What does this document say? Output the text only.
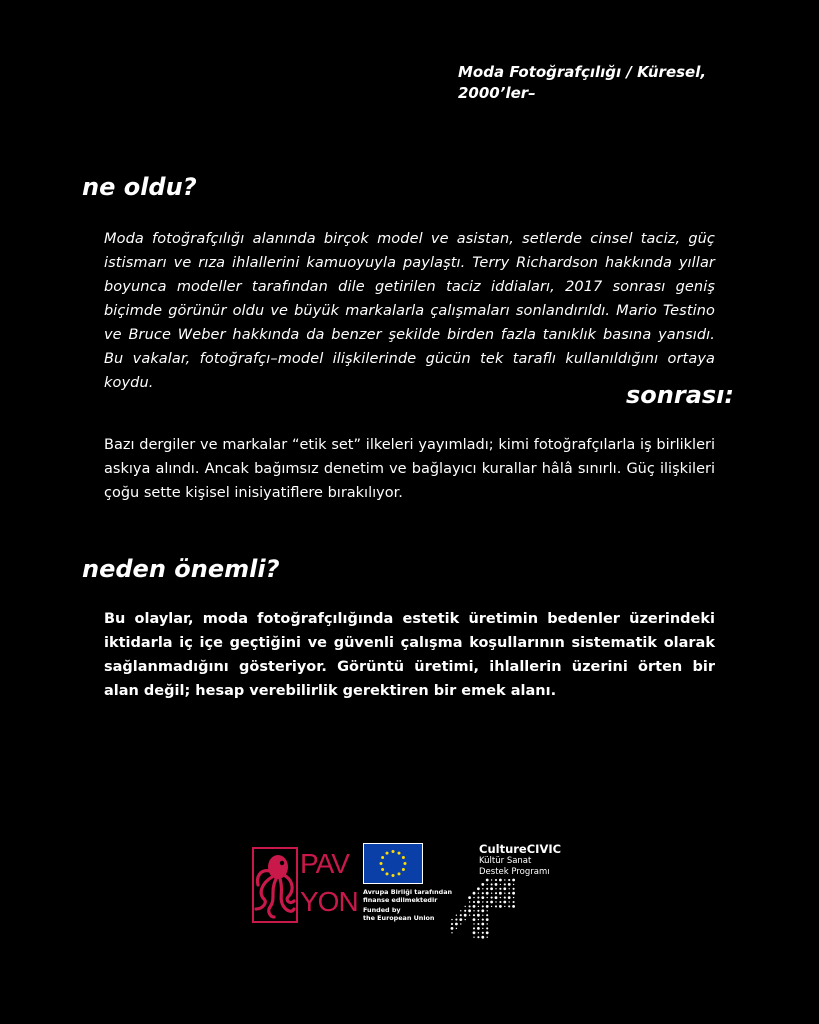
Moda Fotoğrafçılığı / Küresel,
2000’ler–
ne oldu?

Moda fotoğrafçılığı alanında birçok model ve asistan, setlerde cinsel taciz, güç istismarı ve rıza ihlallerini kamuoyuyla paylaştı. Terry Richardson hakkında yıllar boyunca modeller tarafından dile getirilen taciz iddiaları, 2017 sonrası geniş biçimde görünür oldu ve büyük markalarla çalışmaları sonlandırıldı. Mario Testino ve Bruce Weber hakkında da benzer şekilde birden fazla tanıklık basına yansıdı. Bu vakalar, fotoğrafçı–model ilişkilerinde gücün tek taraflı kullanıldığını ortaya koydu.	sonrası:

Bazı dergiler ve markalar “etik set” ilkeleri yayımladı; kimi fotoğrafçılarla iş birlikleri askıya alındı. Ancak bağımsız denetim ve bağlayıcı kurallar hâlâ sınırlı. Güç ilişkileri çoğu sette kişisel inisiyatiflere bırakılıyor.

neden önemli?

Bu olaylar, moda fotoğrafçılığında estetik üretimin bedenler üzerindeki iktidarla iç içe geçtiğini ve güvenli çalışma koşullarının sistematik olarak sağlanmadığını gösteriyor. Görüntü üretimi, ihlallerin üzerini örten bir alan değil; hesap verebilirlik gerektiren bir emek alanı.

PAV
YON Avrupa Birliği tarafından
finanse edilmektedir
Funded by
the European Union
CultureCIVIC
Kültür Sanat
Destek Programı
